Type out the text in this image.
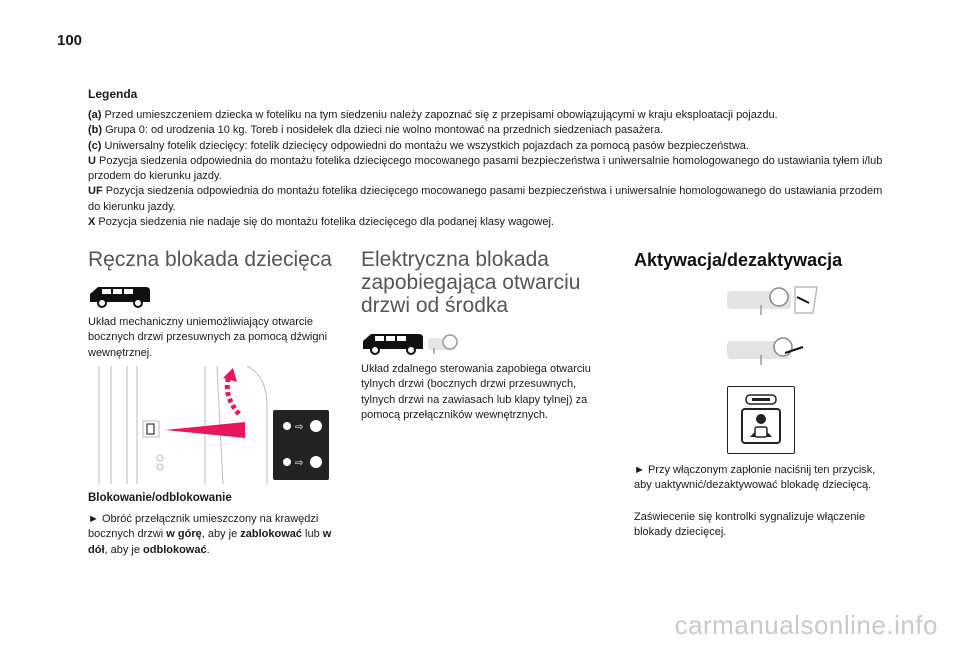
100
Legenda

(a) Przed umieszczeniem dziecka w foteliku na tym siedzeniu należy zapoznać się z przepisami obowiązującymi w kraju eksploatacji pojazdu.

(b) Grupa 0: od urodzenia 10 kg. Toreb i nosidełek dla dzieci nie wolno montować na przednich siedzeniach pasażera.

(c) Uniwersalny fotelik dziecięcy: fotelik dziecięcy odpowiedni do montażu we wszystkich pojazdach za pomocą pasów bezpieczeństwa.

U Pozycja siedzenia odpowiednia do montażu fotelika dziecięcego mocowanego pasami bezpieczeństwa i uniwersalnie homologowanego do ustawiania tyłem i/lub przodem do kierunku jazdy.

UF Pozycja siedzenia odpowiednia do montażu fotelika dziecięcego mocowanego pasami bezpieczeństwa i uniwersalnie homologowanego do ustawiania przodem do kierunku jazdy.

X Pozycja siedzenia nie nadaje się do montażu fotelika dziecięcego dla podanej klasy wagowej.

Ręczna blokada dziecięca
Układ mechaniczny uniemożliwiający otwarcie bocznych drzwi przesuwnych za pomocą dźwigni wewnętrznej.
⇨
⇨
Blokowanie/odblokowanie
► Obróć przełącznik umieszczony na krawędzi bocznych drzwi w górę, aby je zablokować lub w dół, aby je odblokować.
Elektryczna blokada zapobiegająca otwarciu drzwi od środka
Układ zdalnego sterowania zapobiega otwarciu tylnych drzwi (bocznych drzwi przesuwnych, tylnych drzwi na zawiasach lub klapy tylnej) za pomocą przełączników wewnętrznych.
Aktywacja/dezaktywacja
► Przy włączonym zapłonie naciśnij ten przycisk, aby uaktywnić/dezaktywować blokadę dziecięcą.
Zaświecenie się kontrolki sygnalizuje włączenie blokady dziecięcej.
carmanualsonline.info
